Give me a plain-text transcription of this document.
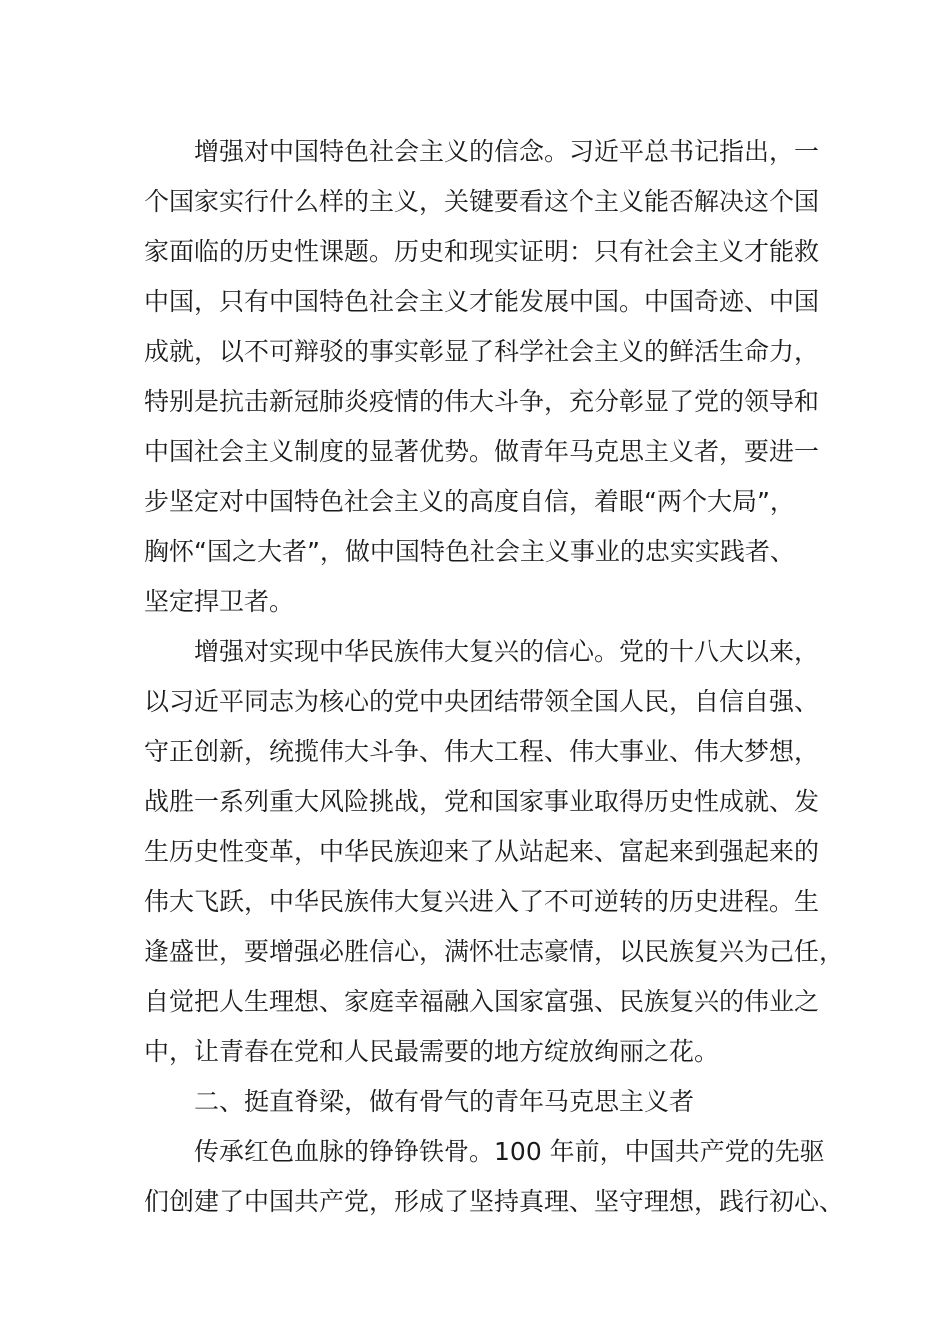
增强对中国特色社会主义的信念。习近平总书记指出，一
个国家实行什么样的主义，关键要看这个主义能否解决这个国
家面临的历史性课题。历史和现实证明：只有社会主义才能救
中国，只有中国特色社会主义才能发展中国。中国奇迹、中国
成就，以不可辩驳的事实彰显了科学社会主义的鲜活生命力，
特别是抗击新冠肺炎疫情的伟大斗争，充分彰显了党的领导和
中国社会主义制度的显著优势。做青年马克思主义者，要进一
步坚定对中国特色社会主义的高度自信，着眼“两个大局”，
胸怀“国之大者”，做中国特色社会主义事业的忠实实践者、
坚定捍卫者。
增强对实现中华民族伟大复兴的信心。党的十八大以来，
以习近平同志为核心的党中央团结带领全国人民，自信自强、
守正创新，统揽伟大斗争、伟大工程、伟大事业、伟大梦想，
战胜一系列重大风险挑战，党和国家事业取得历史性成就、发
生历史性变革，中华民族迎来了从站起来、富起来到强起来的
伟大飞跃，中华民族伟大复兴进入了不可逆转的历史进程。生
逢盛世，要增强必胜信心，满怀壮志豪情，以民族复兴为己任，
自觉把人生理想、家庭幸福融入国家富强、民族复兴的伟业之
中，让青春在党和人民最需要的地方绽放绚丽之花。
二、挺直脊梁，做有骨气的青年马克思主义者
传承红色血脉的铮铮铁骨。100 年前，中国共产党的先驱
们创建了中国共产党，形成了坚持真理、坚守理想，践行初心、
